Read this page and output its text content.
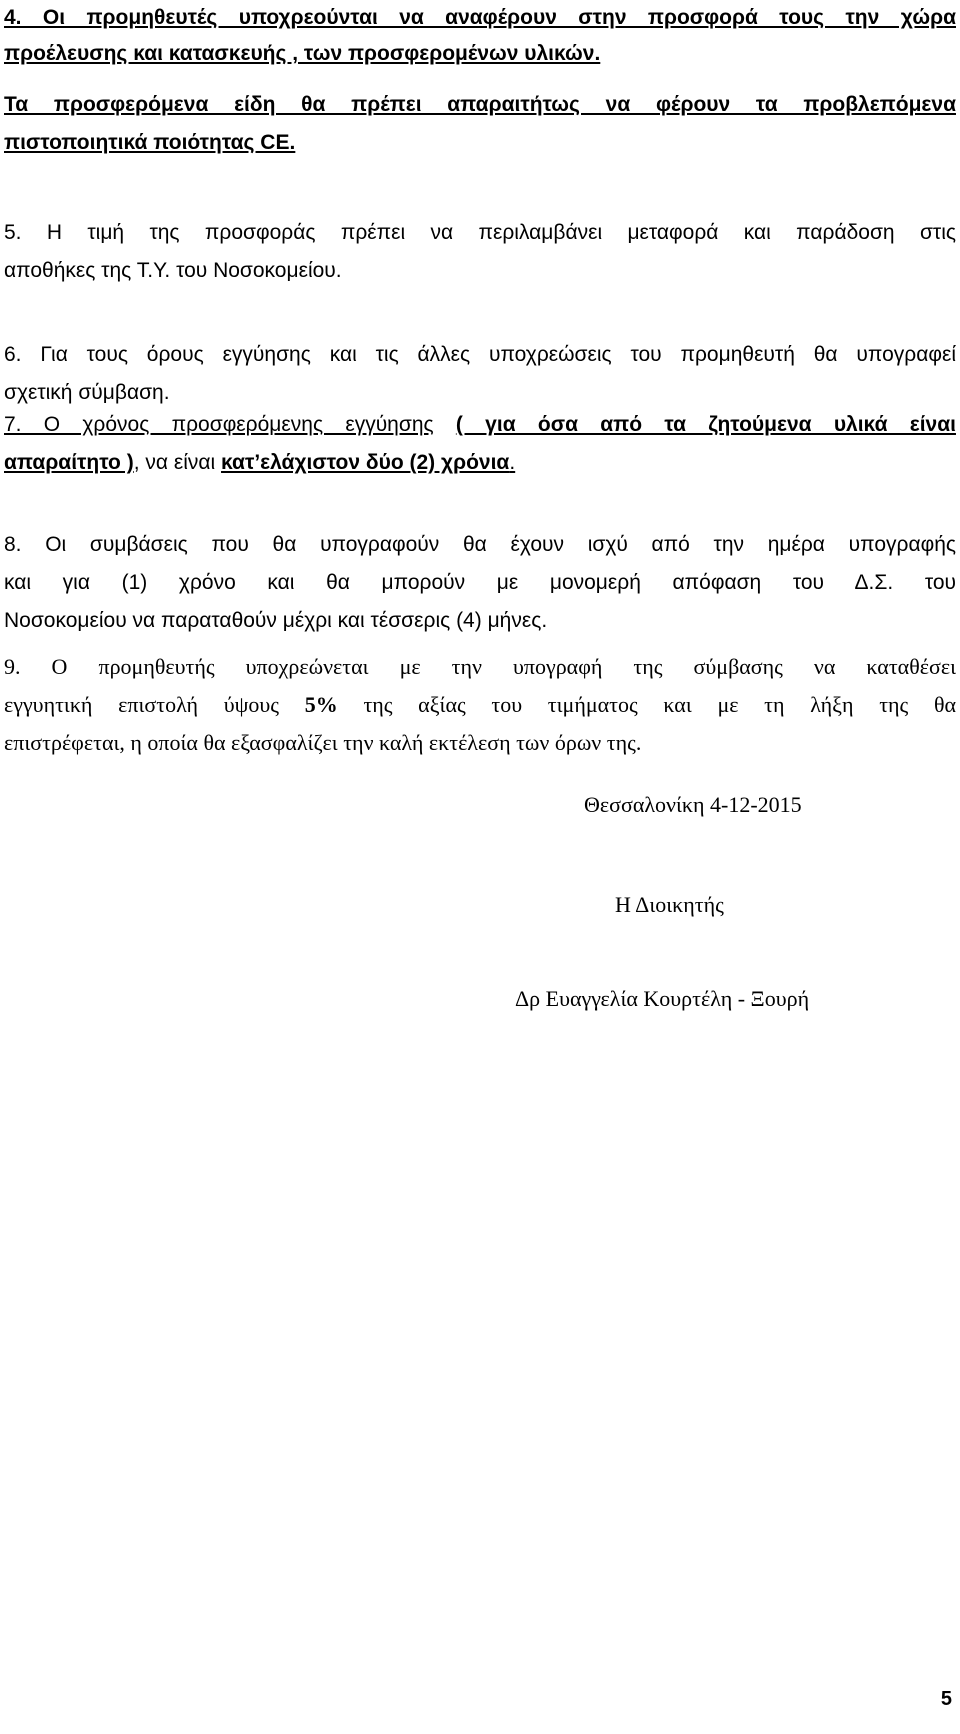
4. Οι προμηθευτές υποχρεούνται να αναφέρουν στην προσφορά τους την χώρα
προέλευσης και κατασκευής , των προσφερομένων υλικών.

Τα προσφερόμενα είδη θα πρέπει απαραιτήτως να φέρουν τα προβλεπόμενα
πιστοποιητικά ποιότητας CE.

5. Η τιμή της προσφοράς πρέπει να περιλαμβάνει μεταφορά και παράδοση στις
αποθήκες της Τ.Υ. του Νοσοκομείου.

6. Για τους όρους εγγύησης και τις άλλες υποχρεώσεις του προμηθευτή θα υπογραφεί
σχετική σύμβαση.

7. Ο χρόνος προσφερόμενης εγγύησης ( για όσα από τα ζητούμενα υλικά είναι
απαραίτητο ), να είναι κατ’ελάχιστον δύο (2) χρόνια.

8. Οι συμβάσεις που θα υπογραφούν θα έχουν ισχύ από την ημέρα υπογραφής
και για (1) χρόνο και θα μπορούν με μονομερή απόφαση του Δ.Σ. του
Νοσοκομείου να παραταθούν μέχρι και τέσσερις (4) μήνες.

9. Ο προμηθευτής υποχρεώνεται με την υπογραφή της σύμβασης να καταθέσει
εγγυητική επιστολή ύψους 5% της αξίας του τιμήματος και με τη λήξη της θα
επιστρέφεται, η οποία θα εξασφαλίζει την καλή εκτέλεση των όρων της.

Θεσσαλονίκη 4-12-2015
Η Διοικητής
Δρ Ευαγγελία Κουρτέλη - Ξουρή
5
